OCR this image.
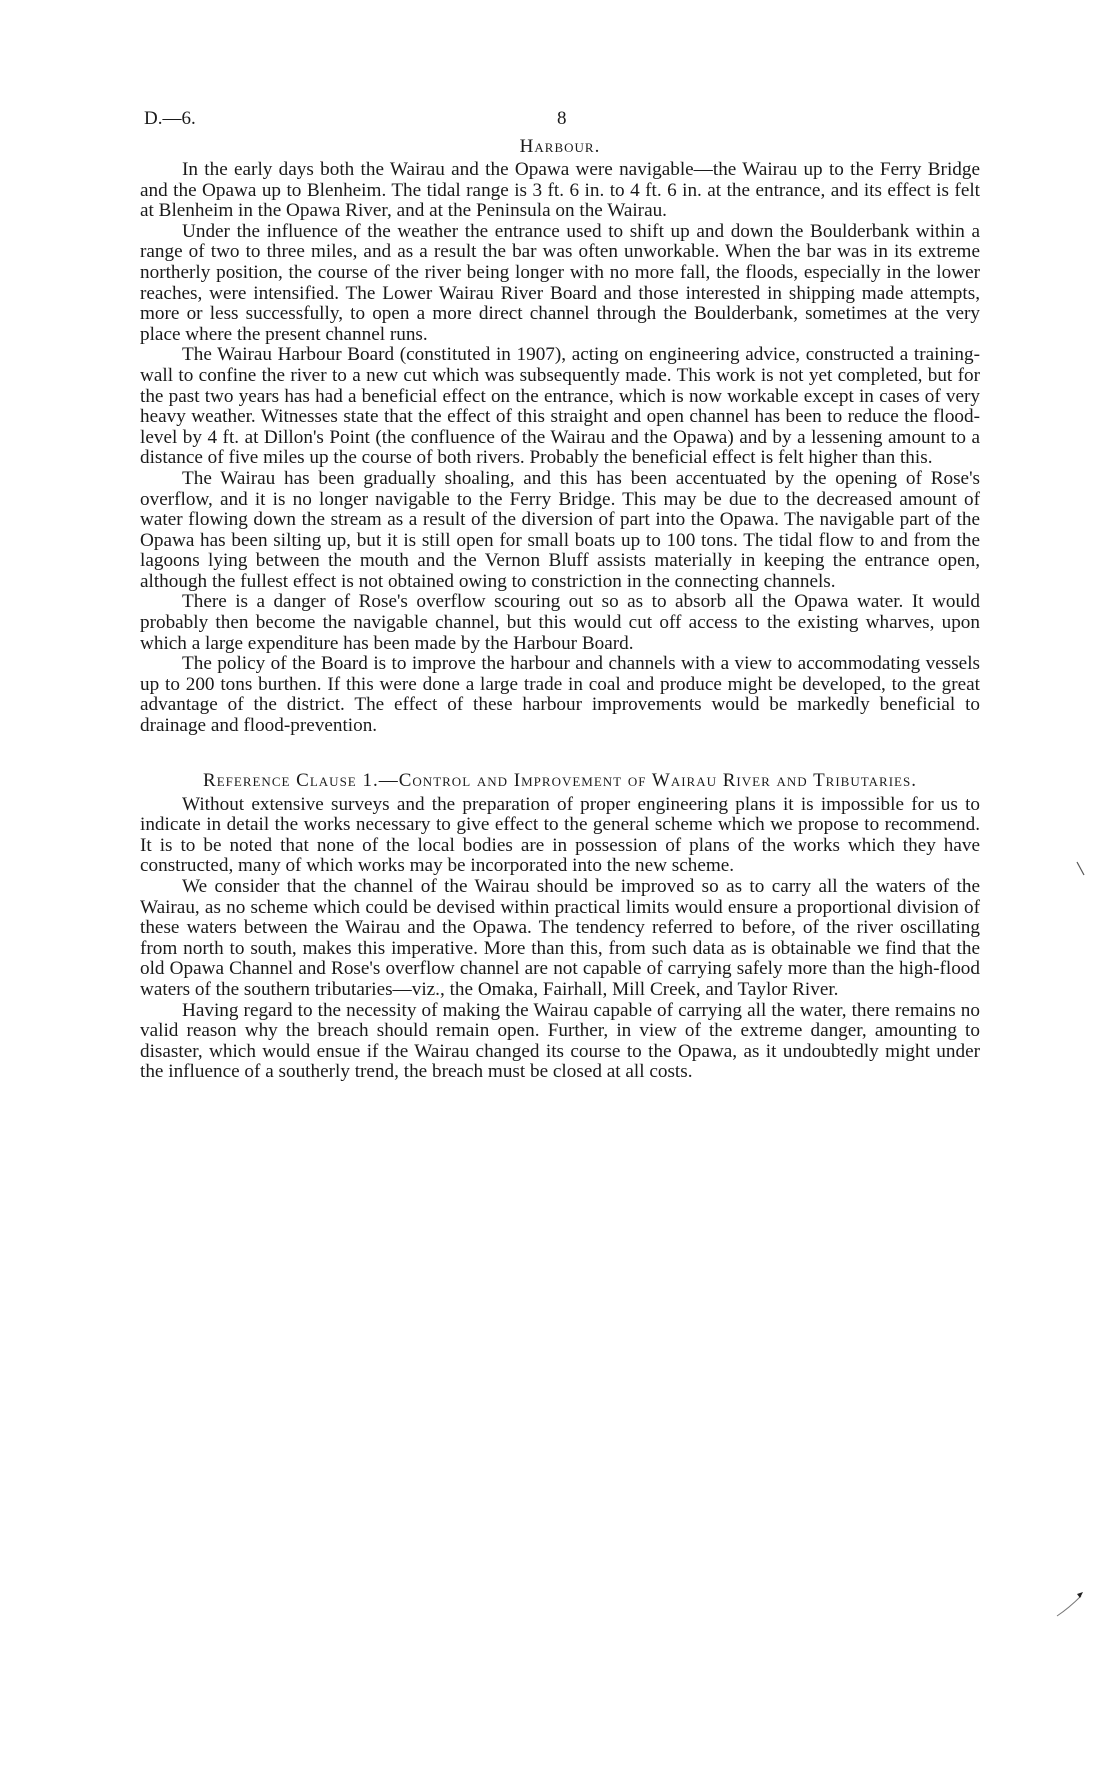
D.—6.	8
Harbour.

In the early days both the Wairau and the Opawa were navigable—the Wairau up to the Ferry Bridge and the Opawa up to Blenheim. The tidal range is 3 ft. 6 in. to 4 ft. 6 in. at the entrance, and its effect is felt at Blenheim in the Opawa River, and at the Peninsula on the Wairau.

Under the influence of the weather the entrance used to shift up and down the Boulderbank within a range of two to three miles, and as a result the bar was often unworkable. When the bar was in its extreme northerly position, the course of the river being longer with no more fall, the floods, especially in the lower reaches, were intensified. The Lower Wairau River Board and those interested in shipping made attempts, more or less successfully, to open a more direct channel through the Boulderbank, sometimes at the very place where the present channel runs.

The Wairau Harbour Board (constituted in 1907), acting on engineering advice, constructed a training-wall to confine the river to a new cut which was subsequently made. This work is not yet completed, but for the past two years has had a beneficial effect on the entrance, which is now workable except in cases of very heavy weather. Witnesses state that the effect of this straight and open channel has been to reduce the flood-level by 4 ft. at Dillon's Point (the confluence of the Wairau and the Opawa) and by a lessening amount to a distance of five miles up the course of both rivers. Probably the beneficial effect is felt higher than this.

The Wairau has been gradually shoaling, and this has been accentuated by the opening of Rose's overflow, and it is no longer navigable to the Ferry Bridge. This may be due to the decreased amount of water flowing down the stream as a result of the diversion of part into the Opawa. The navigable part of the Opawa has been silting up, but it is still open for small boats up to 100 tons. The tidal flow to and from the lagoons lying between the mouth and the Vernon Bluff assists materially in keeping the entrance open, although the fullest effect is not obtained owing to constriction in the connecting channels.

There is a danger of Rose's overflow scouring out so as to absorb all the Opawa water. It would probably then become the navigable channel, but this would cut off access to the existing wharves, upon which a large expenditure has been made by the Harbour Board.

The policy of the Board is to improve the harbour and channels with a view to accommodating vessels up to 200 tons burthen. If this were done a large trade in coal and produce might be developed, to the great advantage of the district. The effect of these harbour improvements would be markedly beneficial to drainage and flood-prevention.

Reference Clause 1.—Control and Improvement of Wairau River and Tributaries.

Without extensive surveys and the preparation of proper engineering plans it is impossible for us to indicate in detail the works necessary to give effect to the general scheme which we propose to recommend. It is to be noted that none of the local bodies are in possession of plans of the works which they have constructed, many of which works may be incorporated into the new scheme.

We consider that the channel of the Wairau should be improved so as to carry all the waters of the Wairau, as no scheme which could be devised within practical limits would ensure a proportional division of these waters between the Wairau and the Opawa. The tendency referred to before, of the river oscillating from north to south, makes this imperative. More than this, from such data as is obtainable we find that the old Opawa Channel and Rose's overflow channel are not capable of carrying safely more than the high-flood waters of the southern tributaries—viz., the Omaka, Fairhall, Mill Creek, and Taylor River.

Having regard to the necessity of making the Wairau capable of carrying all the water, there remains no valid reason why the breach should remain open. Further, in view of the extreme danger, amounting to disaster, which would ensue if the Wairau changed its course to the Opawa, as it undoubtedly might under the influence of a southerly trend, the breach must be closed at all costs.
